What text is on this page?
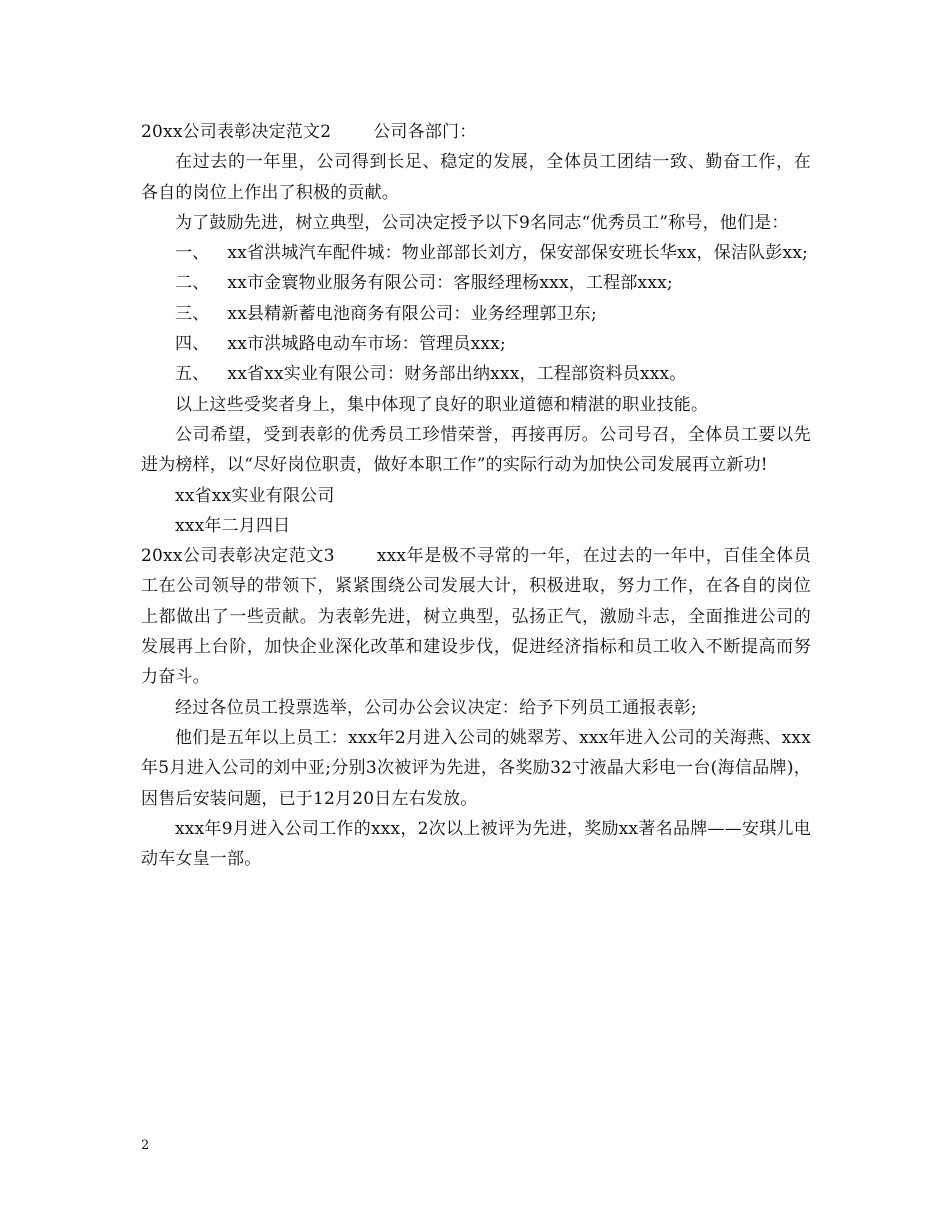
20xx公司表彰决定范文2 公司各部门：

在过去的一年里，公司得到长足、稳定的发展，全体员工团结一致、勤奋工作，在各自的岗位上作出了积极的贡献。

为了鼓励先进，树立典型，公司决定授予以下9名同志“优秀员工”称号，他们是：

一、 xx省洪城汽车配件城：物业部部长刘方，保安部保安班长华xx，保洁队彭xx;

二、 xx市金寰物业服务有限公司：客服经理杨xxx，工程部xxx;

三、 xx县精新蓄电池商务有限公司：业务经理郭卫东;

四、 xx市洪城路电动车市场：管理员xxx;

五、 xx省xx实业有限公司：财务部出纳xxx，工程部资料员xxx。

以上这些受奖者身上，集中体现了良好的职业道德和精湛的职业技能。

公司希望，受到表彰的优秀员工珍惜荣誉，再接再厉。公司号召，全体员工要以先进为榜样，以“尽好岗位职责，做好本职工作”的实际行动为加快公司发展再立新功!

xx省xx实业有限公司

xxx年二月四日

20xx公司表彰决定范文3 xxx年是极不寻常的一年，在过去的一年中，百佳全体员工在公司领导的带领下，紧紧围绕公司发展大计，积极进取，努力工作，在各自的岗位上都做出了一些贡献。为表彰先进，树立典型，弘扬正气，激励斗志，全面推进公司的发展再上台阶，加快企业深化改革和建设步伐，促进经济指标和员工收入不断提高而努力奋斗。

经过各位员工投票选举，公司办公会议决定：给予下列员工通报表彰;

他们是五年以上员工：xxx年2月进入公司的姚翠芳、xxx年进入公司的关海燕、xxx年5月进入公司的刘中亚;分别3次被评为先进，各奖励32寸液晶大彩电一台(海信品牌)，因售后安装问题，已于12月20日左右发放。

xxx年9月进入公司工作的xxx，2次以上被评为先进，奖励xx著名品牌——安琪儿电动车女皇一部。

2
